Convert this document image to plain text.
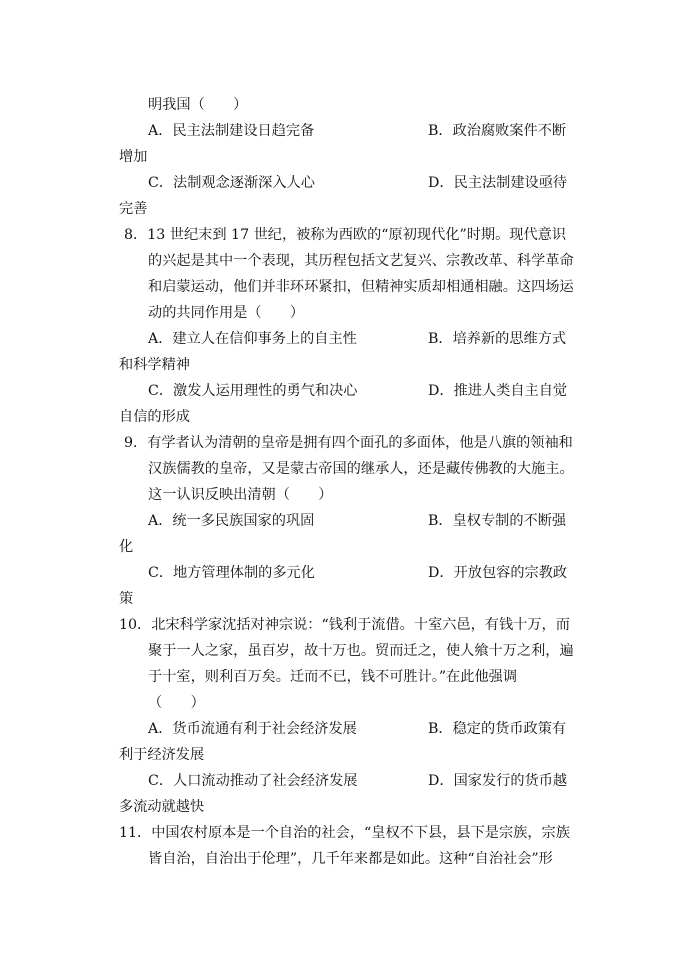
明我国（　　）
A．民主法制建设日趋完备	B．政治腐败案件不断
增加
C．法制观念逐渐深入人心	D．民主法制建设亟待
完善
8．13 世纪末到 17 世纪，被称为西欧的“原初现代化”时期。现代意识
的兴起是其中一个表现，其历程包括文艺复兴、宗教改革、科学革命
和启蒙运动，他们并非环环紧扣，但精神实质却相通相融。这四场运
动的共同作用是（　　）
A．建立人在信仰事务上的自主性	B．培养新的思维方式
和科学精神
C．激发人运用理性的勇气和决心	D．推进人类自主自觉
自信的形成
9．有学者认为清朝的皇帝是拥有四个面孔的多面体，他是八旗的领袖和
汉族儒教的皇帝，又是蒙古帝国的继承人，还是藏传佛教的大施主。
这一认识反映出清朝（　　）
A．统一多民族国家的巩固	B．皇权专制的不断强
化
C．地方管理体制的多元化	D．开放包容的宗教政
策
10．北宋科学家沈括对神宗说：“钱利于流借。十室六邑，有钱十万，而
聚于一人之家，虽百岁，故十万也。贸而迁之，使人飨十万之利，遍
于十室，则利百万矣。迁而不已，钱不可胜计。”在此他强调
（　　）
A．货币流通有利于社会经济发展	B．稳定的货币政策有
利于经济发展
C．人口流动推动了社会经济发展	D．国家发行的货币越
多流动就越快
11．中国农村原本是一个自治的社会，“皇权不下县，县下是宗族，宗族
皆自治，自治出于伦理”，几千年来都是如此。这种“自治社会”形
